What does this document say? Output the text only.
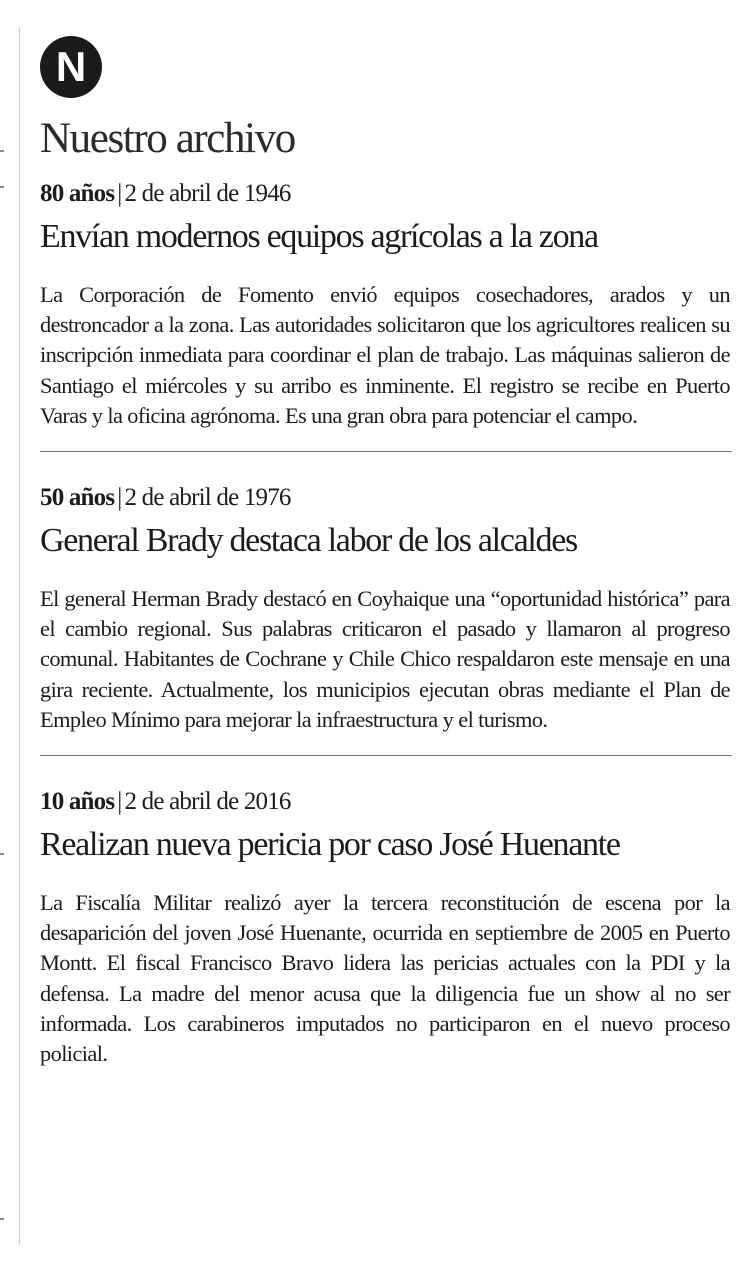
N
Nuestro archivo
80 años | 2 de abril de 1946
Envían modernos equipos agrícolas a la zona
La Corporación de Fomento envió equipos cosechadores, arados y un destroncador a la zona. Las autoridades solicitaron que los agricultores realicen su inscripción inmediata para coordinar el plan de trabajo. Las máquinas salieron de Santiago el miércoles y su arribo es inminente. El registro se recibe en Puerto Varas y la oficina agrónoma. Es una gran obra para potenciar el campo.
50 años | 2 de abril de 1976
General Brady destaca labor de los alcaldes
El general Herman Brady destacó en Coyhaique una “oportunidad histórica” para el cambio regional. Sus palabras criticaron el pasado y llamaron al progreso comunal. Habitantes de Cochrane y Chile Chico respaldaron este mensaje en una gira reciente. Actualmente, los municipios ejecutan obras mediante el Plan de Empleo Mínimo para mejorar la infraestructura y el turismo.
10 años | 2 de abril de 2016
Realizan nueva pericia por caso José Huenante
La Fiscalía Militar realizó ayer la tercera reconstitución de escena por la desaparición del joven José Huenante, ocurrida en septiembre de 2005 en Puerto Montt. El fiscal Francisco Bravo lidera las pericias actuales con la PDI y la defensa. La madre del menor acusa que la diligencia fue un show al no ser informada. Los carabineros imputados no participaron en el nuevo proceso policial.
